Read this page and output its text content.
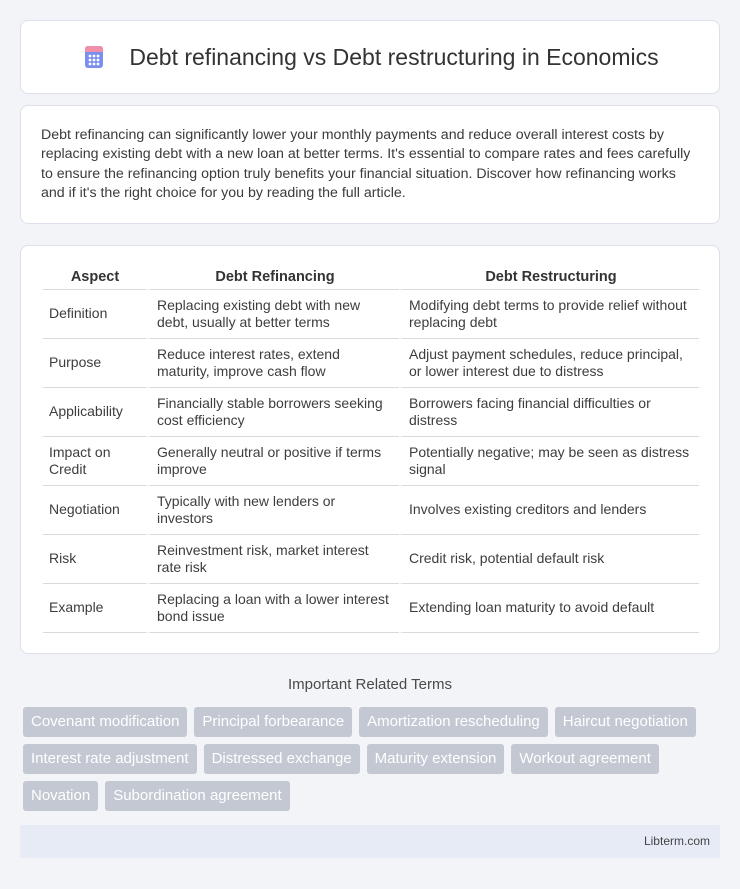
Debt refinancing vs Debt restructuring in Economics

Debt refinancing can significantly lower your monthly payments and reduce overall interest costs by replacing existing debt with a new loan at better terms. It's essential to compare rates and fees carefully to ensure the refinancing option truly benefits your financial situation. Discover how refinancing works and if it's the right choice for you by reading the full article.

Aspect	Debt Refinancing	Debt Restructuring
Definition	Replacing existing debt with new debt, usually at better terms	Modifying debt terms to provide relief without replacing debt
Purpose	Reduce interest rates, extend maturity, improve cash flow	Adjust payment schedules, reduce principal, or lower interest due to distress
Applicability	Financially stable borrowers seeking cost efficiency	Borrowers facing financial difficulties or distress
Impact on Credit	Generally neutral or positive if terms improve	Potentially negative; may be seen as distress signal
Negotiation	Typically with new lenders or investors	Involves existing creditors and lenders
Risk	Reinvestment risk, market interest rate risk	Credit risk, potential default risk
Example	Replacing a loan with a lower interest bond issue	Extending loan maturity to avoid default
Important Related Terms
Covenant modification	Principal forbearance	Amortization rescheduling	Haircut negotiation
Interest rate adjustment	Distressed exchange	Maturity extension	Workout agreement
Novation	Subordination agreement
Libterm.com
